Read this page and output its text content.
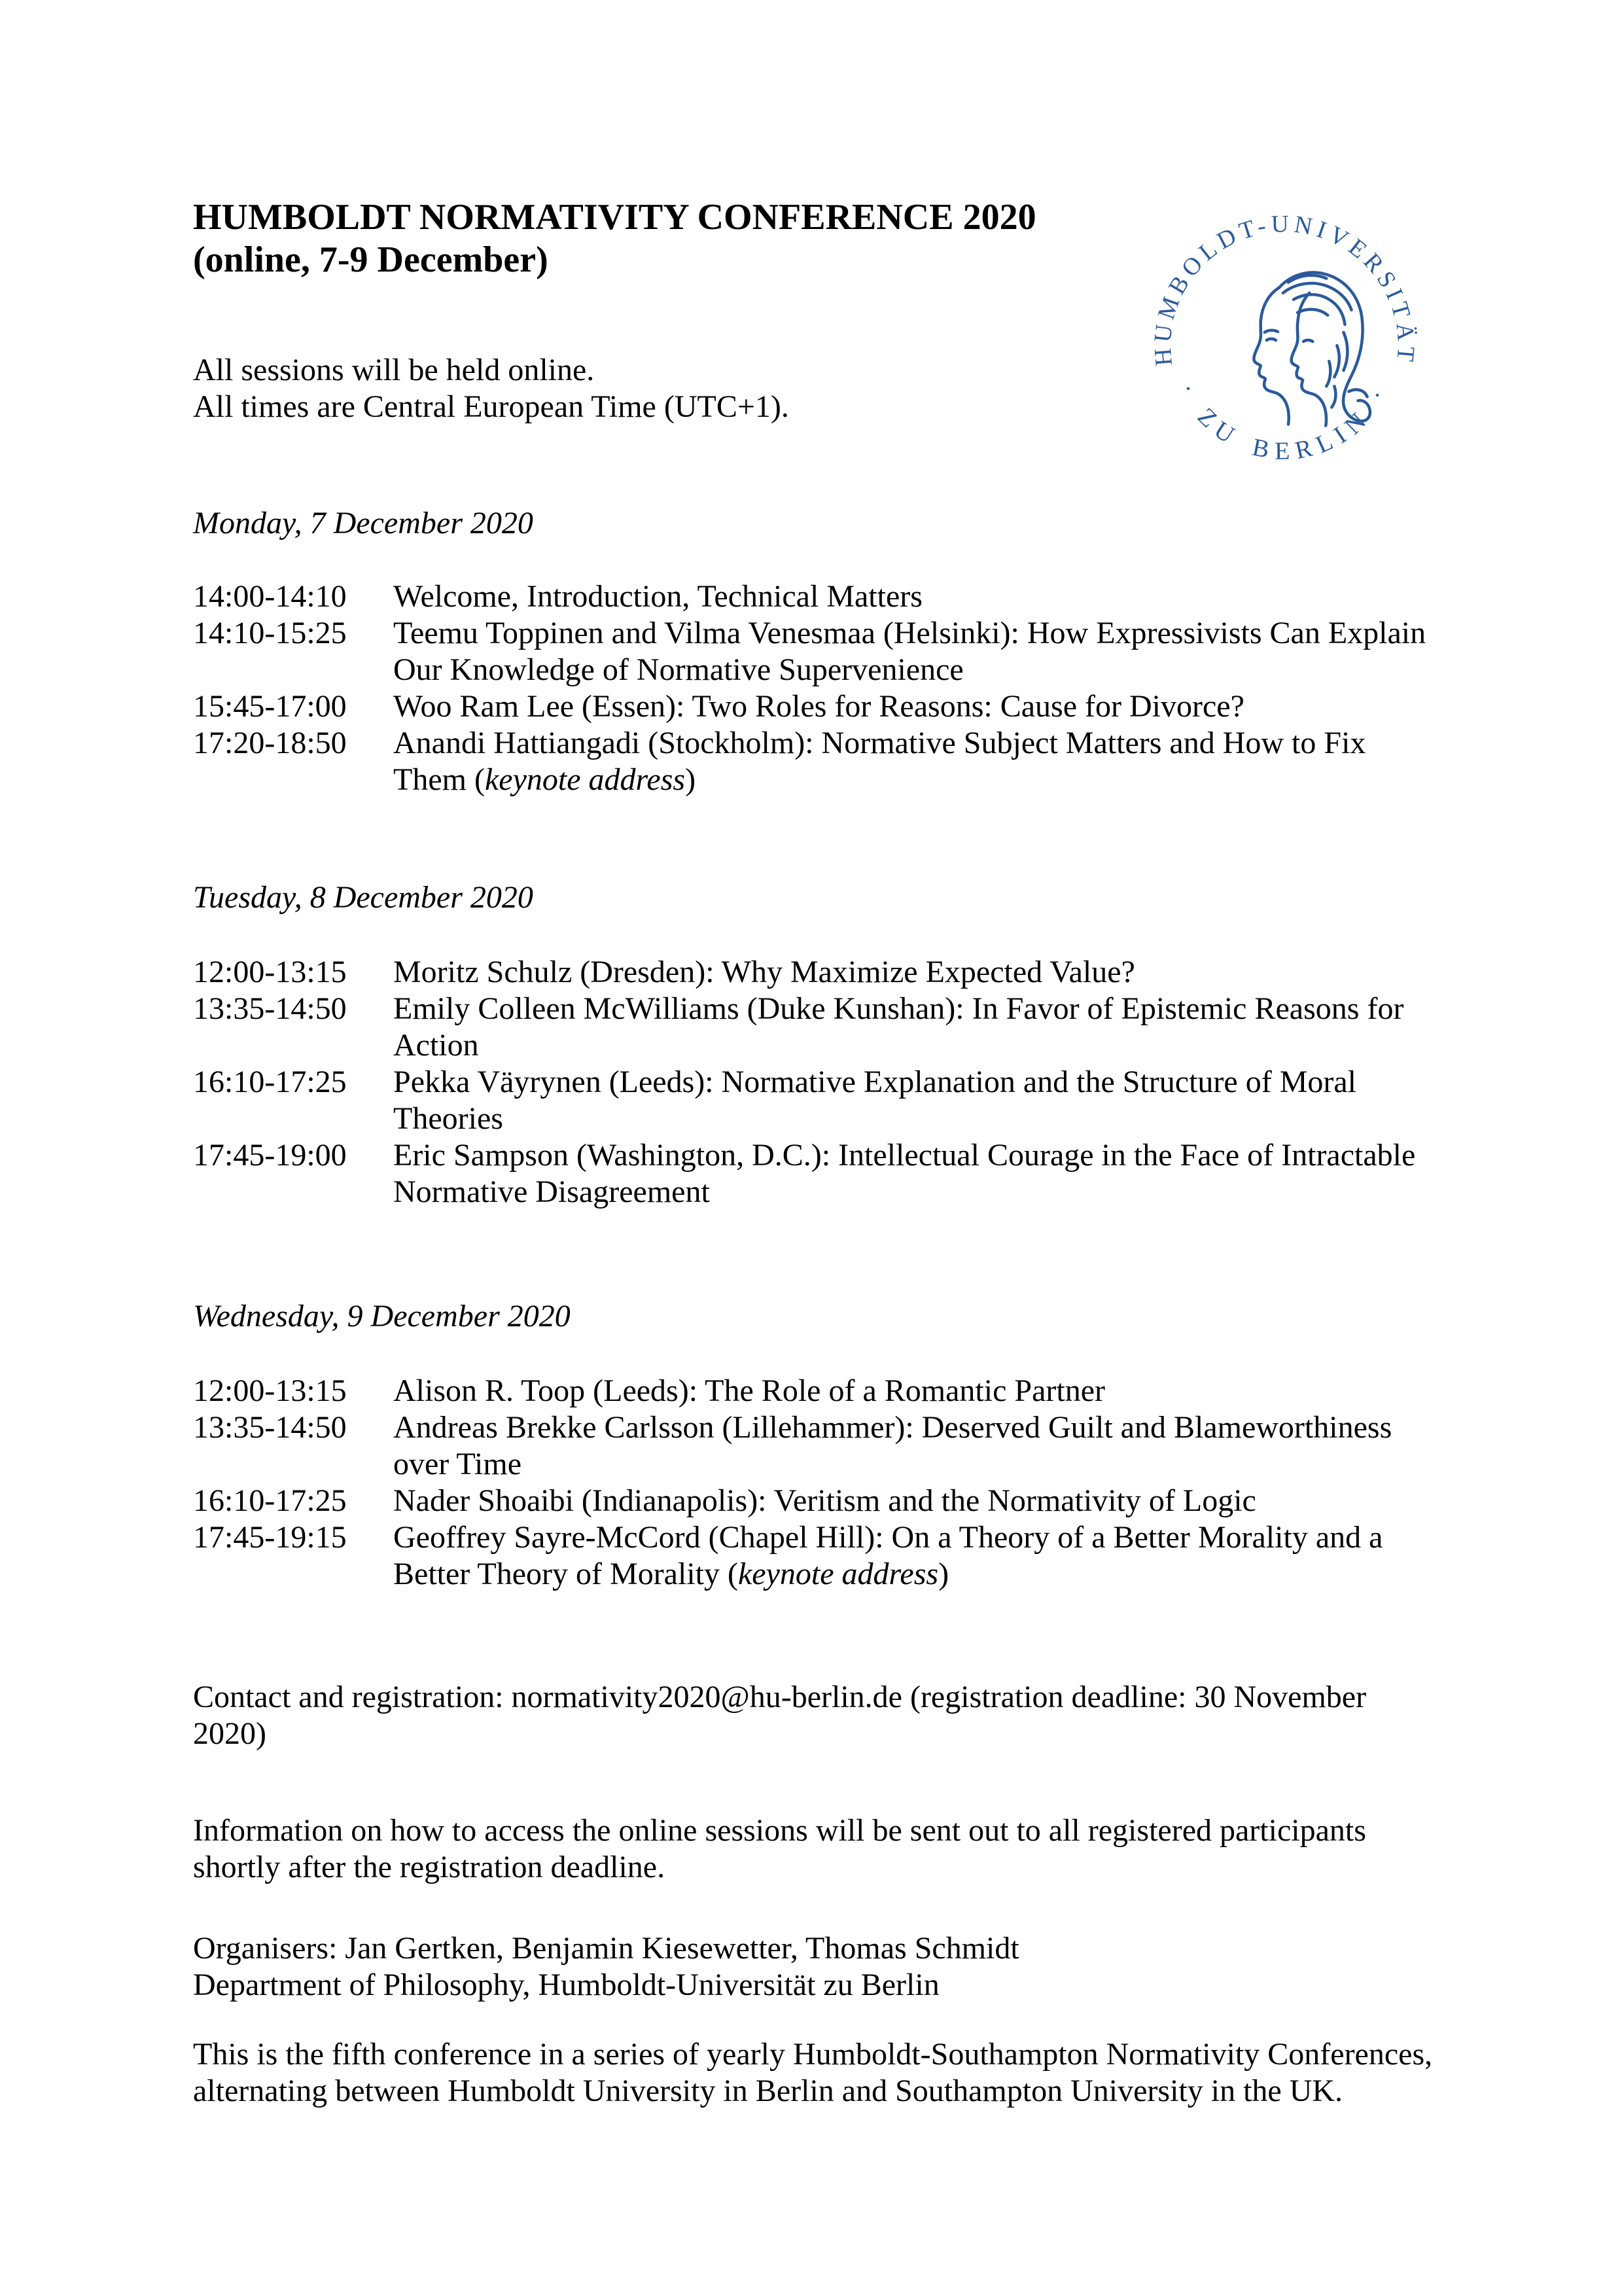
HUMBOLDT NORMATIVITY CONFERENCE 2020
(online, 7-9 December)
HUMBOLDT-UNIVERSITÄT
· ZU BERLIN ·
All sessions will be held online.
All times are Central European Time (UTC+1).
Monday, 7 December 2020
14:00-14:10	Welcome, Introduction, Technical Matters
14:10-15:25	Teemu Toppinen and Vilma Venesmaa (Helsinki): How Expressivists Can Explain Our Knowledge of Normative Supervenience
15:45-17:00	Woo Ram Lee (Essen): Two Roles for Reasons: Cause for Divorce?
17:20-18:50	Anandi Hattiangadi (Stockholm): Normative Subject Matters and How to Fix Them (keynote address)
Tuesday, 8 December 2020
12:00-13:15	Moritz Schulz (Dresden): Why Maximize Expected Value?
13:35-14:50	Emily Colleen McWilliams (Duke Kunshan): In Favor of Epistemic Reasons for Action
16:10-17:25	Pekka Väyrynen (Leeds): Normative Explanation and the Structure of Moral Theories
17:45-19:00	Eric Sampson (Washington, D.C.): Intellectual Courage in the Face of Intractable Normative Disagreement
Wednesday, 9 December 2020
12:00-13:15	Alison R. Toop (Leeds): The Role of a Romantic Partner
13:35-14:50	Andreas Brekke Carlsson (Lillehammer): Deserved Guilt and Blameworthiness over Time
16:10-17:25	Nader Shoaibi (Indianapolis): Veritism and the Normativity of Logic
17:45-19:15	Geoffrey Sayre-McCord (Chapel Hill): On a Theory of a Better Morality and a Better Theory of Morality (keynote address)
Contact and registration: normativity2020@hu-berlin.de (registration deadline: 30 November 2020)
Information on how to access the online sessions will be sent out to all registered participants shortly after the registration deadline.
Organisers: Jan Gertken, Benjamin Kiesewetter, Thomas Schmidt
Department of Philosophy, Humboldt-Universität zu Berlin
This is the fifth conference in a series of yearly Humboldt-Southampton Normativity Conferences, alternating between Humboldt University in Berlin and Southampton University in the UK.
